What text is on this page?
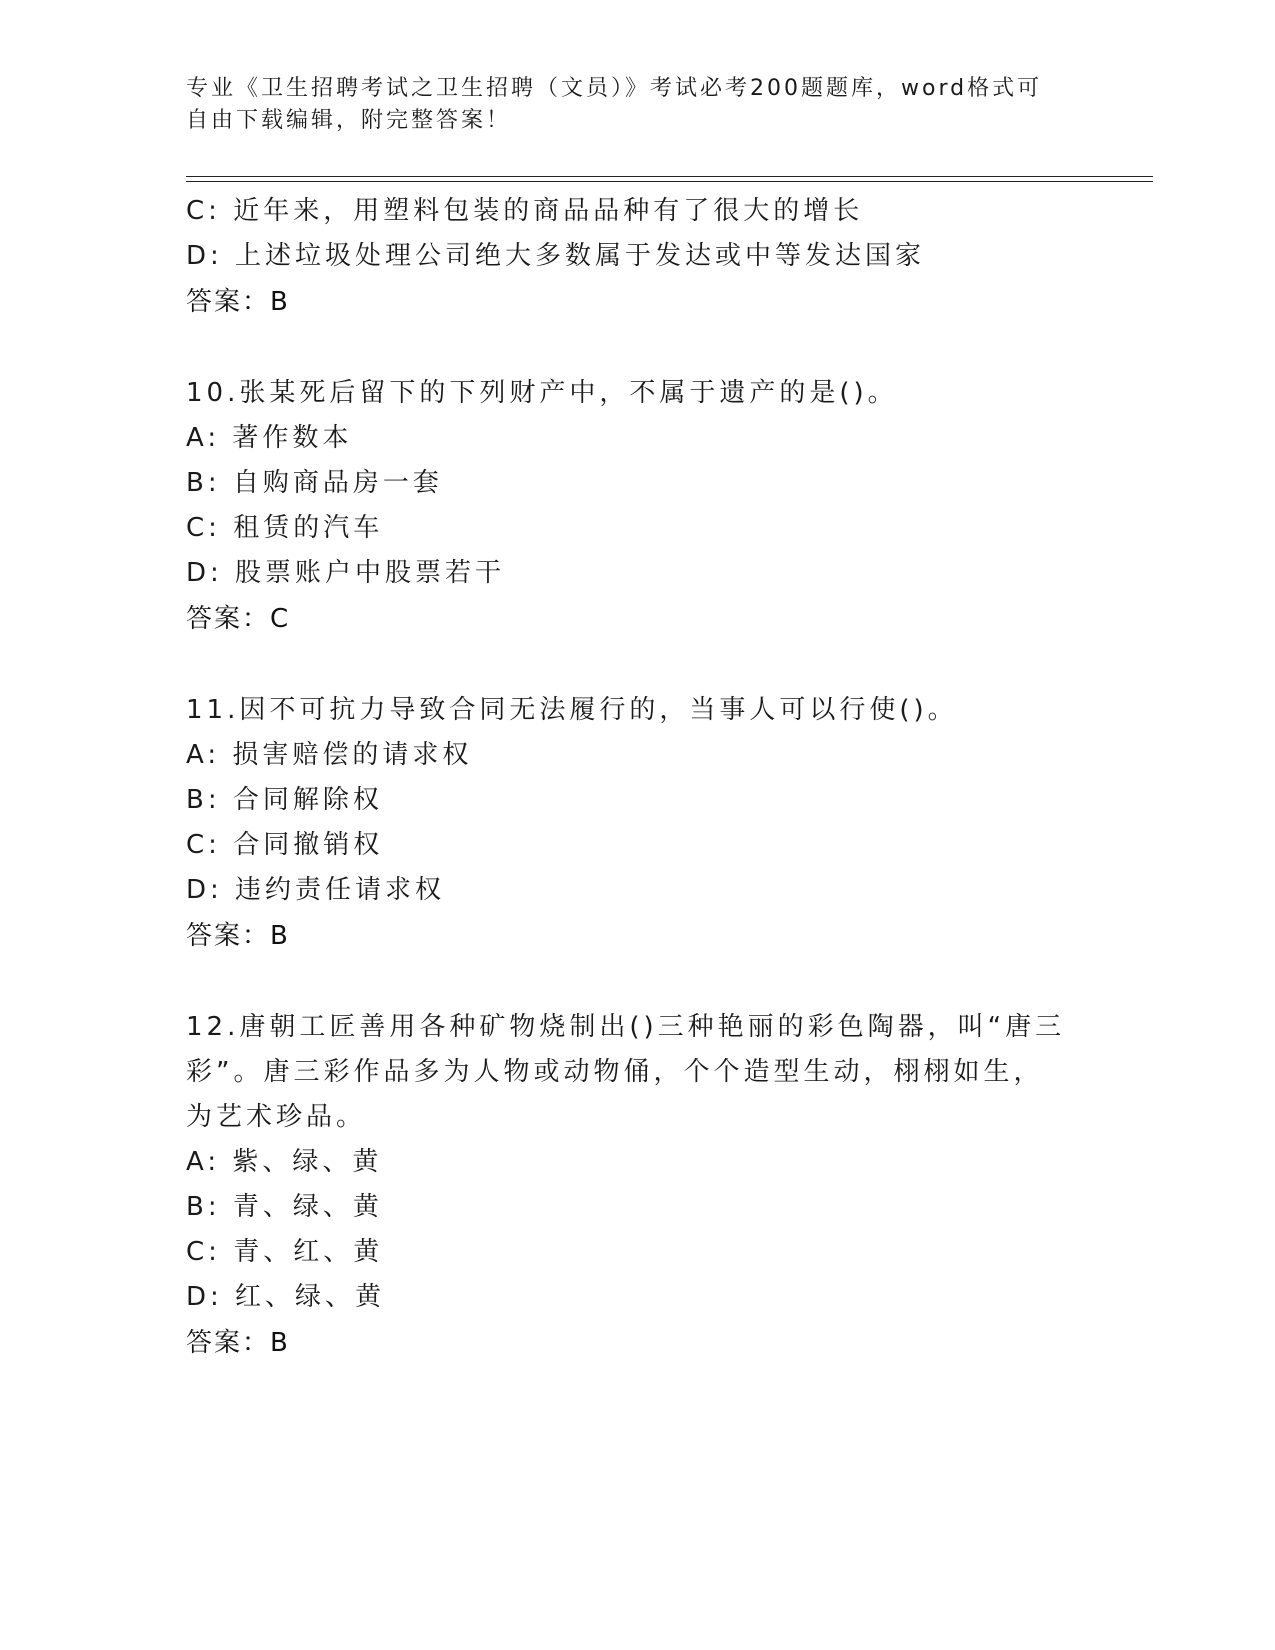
专业《卫生招聘考试之卫生招聘（文员）》考试必考200题题库，word格式可自由下载编辑，附完整答案！
C: 近年来，用塑料包装的商品品种有了很大的增长
D: 上述垃圾处理公司绝大多数属于发达或中等发达国家
答案：B
10.张某死后留下的下列财产中，不属于遗产的是()。
A: 著作数本
B: 自购商品房一套
C: 租赁的汽车
D: 股票账户中股票若干
答案：C
11.因不可抗力导致合同无法履行的，当事人可以行使()。
A: 损害赔偿的请求权
B: 合同解除权
C: 合同撤销权
D: 违约责任请求权
答案：B
12.唐朝工匠善用各种矿物烧制出()三种艳丽的彩色陶器，叫“唐三彩”。唐三彩作品多为人物或动物俑，个个造型生动，栩栩如生，为艺术珍品。
A: 紫、绿、黄
B: 青、绿、黄
C: 青、红、黄
D: 红、绿、黄
答案：B
